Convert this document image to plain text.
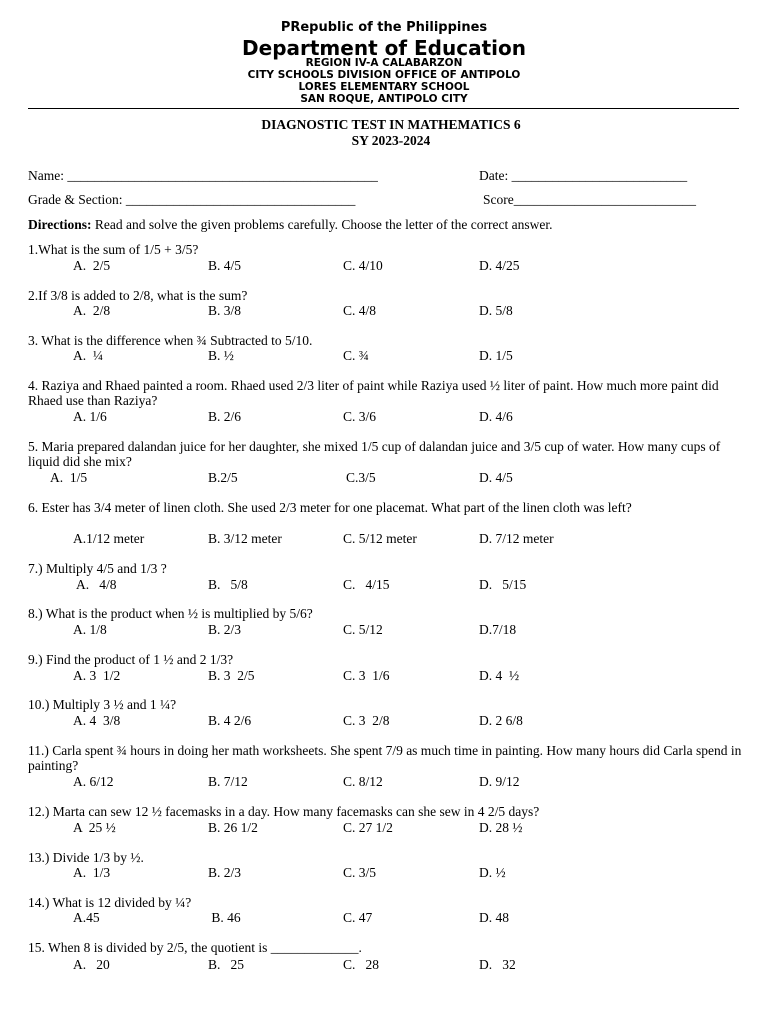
PRepublic of the Philippines
Department of Education
REGION IV-A CALABARZON
CITY SCHOOLS DIVISION OFFICE OF ANTIPOLO
LORES ELEMENTARY SCHOOL
SAN ROQUE, ANTIPOLO CITY
DIAGNOSTIC TEST IN MATHEMATICS 6
SY 2023-2024
Name: ______________________________________________	Date: __________________________
Grade & Section: __________________________________	Score___________________________
Directions: Read and solve the given problems carefully. Choose the letter of the correct answer.
1.What is the sum of 1/5 + 3/5?
A.  2/5	B. 4/5	C. 4/10	D. 4/25
2.If 3/8 is added to 2/8, what is the sum?
A.  2/8	B. 3/8	C. 4/8	D. 5/8
3. What is the difference when ¾ Subtracted to 5/10.
A.  ¼	B. ½	C. ¾	D. 1/5
4. Raziya and Rhaed painted a room. Rhaed used 2/3 liter of paint while Raziya used ½ liter of paint. How much more paint did Rhaed use than Raziya?
A. 1/6	B. 2/6	C. 3/6	D. 4/6
5. Maria prepared dalandan juice for her daughter, she mixed 1/5 cup of dalandan juice and 3/5 cup of water. How many cups of liquid did she mix?
A.  1/5	B.2/5	C.3/5	D. 4/5
6. Ester has 3/4 meter of linen cloth. She used 2/3 meter for one placemat. What part of the linen cloth was left?
A.1/12 meter	B. 3/12 meter	C. 5/12 meter	D. 7/12 meter
7.) Multiply 4/5 and 1/3 ?
A.   4/8	B.   5/8	C.   4/15	D.   5/15
8.) What is the product when ½ is multiplied by 5/6?
A. 1/8	B. 2/3	C. 5/12	D.7/18
9.) Find the product of 1 ½ and 2 1/3?
A. 3  1/2	B. 3  2/5	C. 3  1/6	D. 4  ½
10.) Multiply 3 ½ and 1 ¼?
A. 4  3/8	B. 4 2/6	C. 3  2/8	D. 2 6/8
11.) Carla spent ¾ hours in doing her math worksheets. She spent 7/9 as much time in painting. How many hours did Carla spend in painting?
A. 6/12	B. 7/12	C. 8/12	D. 9/12
12.) Marta can sew 12 ½ facemasks in a day. How many facemasks can she sew in 4 2/5 days?
A  25 ½	B. 26 1/2	C. 27 1/2	D. 28 ½
13.) Divide 1/3 by ½.
A.  1/3	B. 2/3	C. 3/5	D. ½
14.) What is 12 divided by ¼?
A.45	B. 46	C. 47	D. 48
15. When 8 is divided by 2/5, the quotient is _____________.
A.   20	B.   25	C.   28	D.   32
